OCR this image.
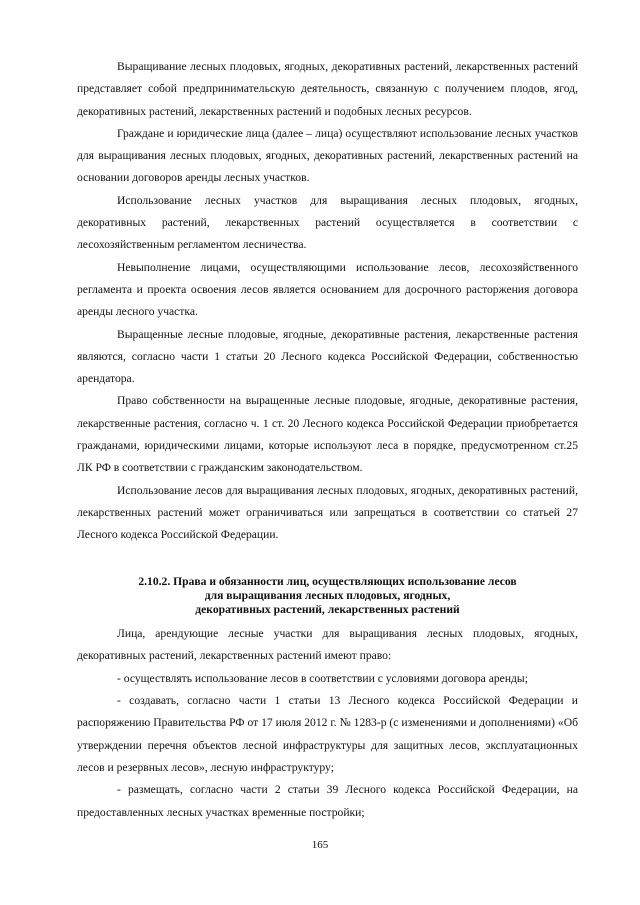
Выращивание лесных плодовых, ягодных, декоративных растений, лекарственных растений представляет собой предпринимательскую деятельность, связанную с получением плодов, ягод, декоративных растений, лекарственных растений и подобных лесных ресурсов.

Граждане и юридические лица (далее – лица) осуществляют использование лесных участков для выращивания лесных плодовых, ягодных, декоративных растений, лекарственных растений на основании договоров аренды лесных участков.

Использование лесных участков для выращивания лесных плодовых, ягодных, декоративных растений, лекарственных растений осуществляется в соответствии с лесохозяйственным регламентом лесничества.

Невыполнение лицами, осуществляющими использование лесов, лесохозяйственного регламента и проекта освоения лесов является основанием для досрочного расторжения договора аренды лесного участка.

Выращенные лесные плодовые, ягодные, декоративные растения, лекарственные растения являются, согласно части 1 статьи 20 Лесного кодекса Российской Федерации, собственностью арендатора.

Право собственности на выращенные лесные плодовые, ягодные, декоративные растения, лекарственные растения, согласно ч. 1 ст. 20 Лесного кодекса Российской Федерации приобретается гражданами, юридическими лицами, которые используют леса в порядке, предусмотренном ст.25 ЛК РФ в соответствии с гражданским законодательством.

Использование лесов для выращивания лесных плодовых, ягодных, декоративных растений, лекарственных растений может ограничиваться или запрещаться в соответствии со статьей 27 Лесного кодекса Российской Федерации.

2.10.2. Права и обязанности лиц, осуществляющих использование лесов
для выращивания лесных плодовых, ягодных,
декоративных растений, лекарственных растений

Лица, арендующие лесные участки для выращивания лесных плодовых, ягодных, декоративных растений, лекарственных растений имеют право:

- осуществлять использование лесов в соответствии с условиями договора аренды;

- создавать, согласно части 1 статьи 13 Лесного кодекса Российской Федерации и распоряжению Правительства РФ от 17 июля 2012 г. № 1283-р (с изменениями и дополнениями) «Об утверждении перечня объектов лесной инфраструктуры для защитных лесов, эксплуатационных лесов и резервных лесов», лесную инфраструктуру;

- размещать, согласно части 2 статьи 39 Лесного кодекса Российской Федерации, на предоставленных лесных участках временные постройки;

165
